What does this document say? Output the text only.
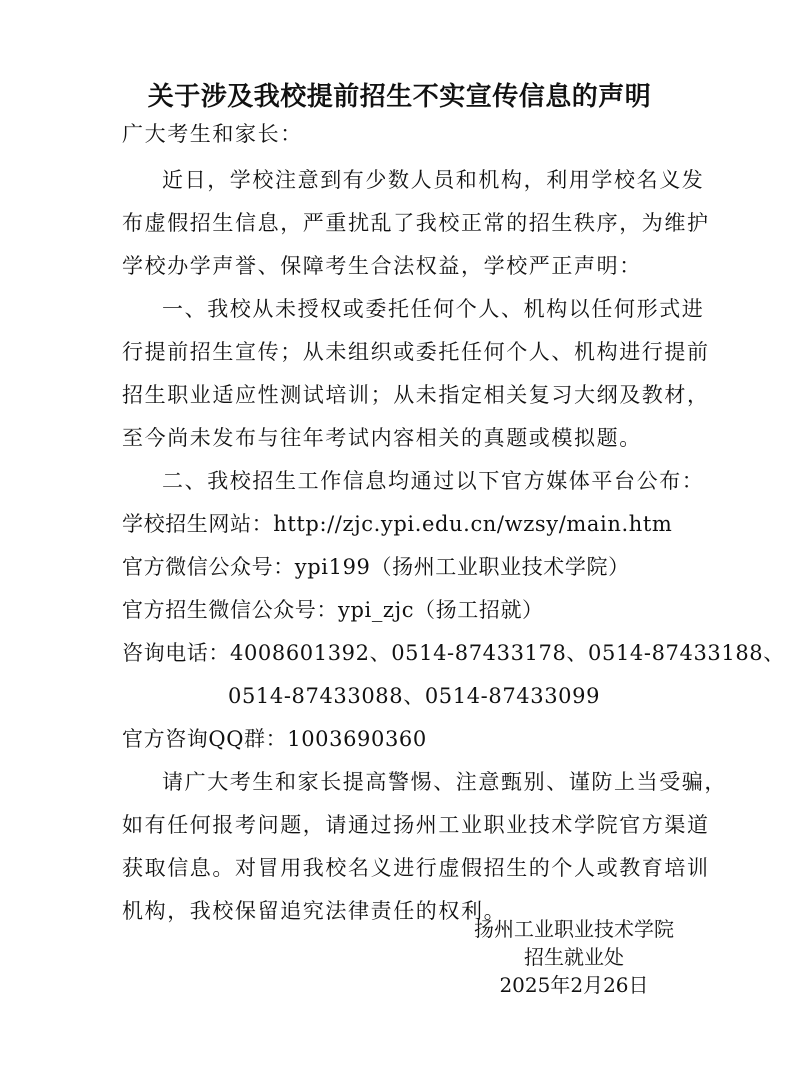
关于涉及我校提前招生不实宣传信息的声明
广大考生和家长：
近日，学校注意到有少数人员和机构，利用学校名义发
布虚假招生信息，严重扰乱了我校正常的招生秩序，为维护
学校办学声誉、保障考生合法权益，学校严正声明：
一、我校从未授权或委托任何个人、机构以任何形式进
行提前招生宣传；从未组织或委托任何个人、机构进行提前
招生职业适应性测试培训；从未指定相关复习大纲及教材，
至今尚未发布与往年考试内容相关的真题或模拟题。
二、我校招生工作信息均通过以下官方媒体平台公布：
学校招生网站：http://zjc.ypi.edu.cn/wzsy/main.htm
官方微信公众号：ypi199（扬州工业职业技术学院）
官方招生微信公众号：ypi_zjc（扬工招就）
咨询电话：4008601392、0514-87433178、0514-87433188、
0514-87433088、0514-87433099
官方咨询QQ群：1003690360
请广大考生和家长提高警惕、注意甄别、谨防上当受骗，
如有任何报考问题，请通过扬州工业职业技术学院官方渠道
获取信息。对冒用我校名义进行虚假招生的个人或教育培训
机构，我校保留追究法律责任的权利。
扬州工业职业技术学院
招生就业处
2025年2月26日
